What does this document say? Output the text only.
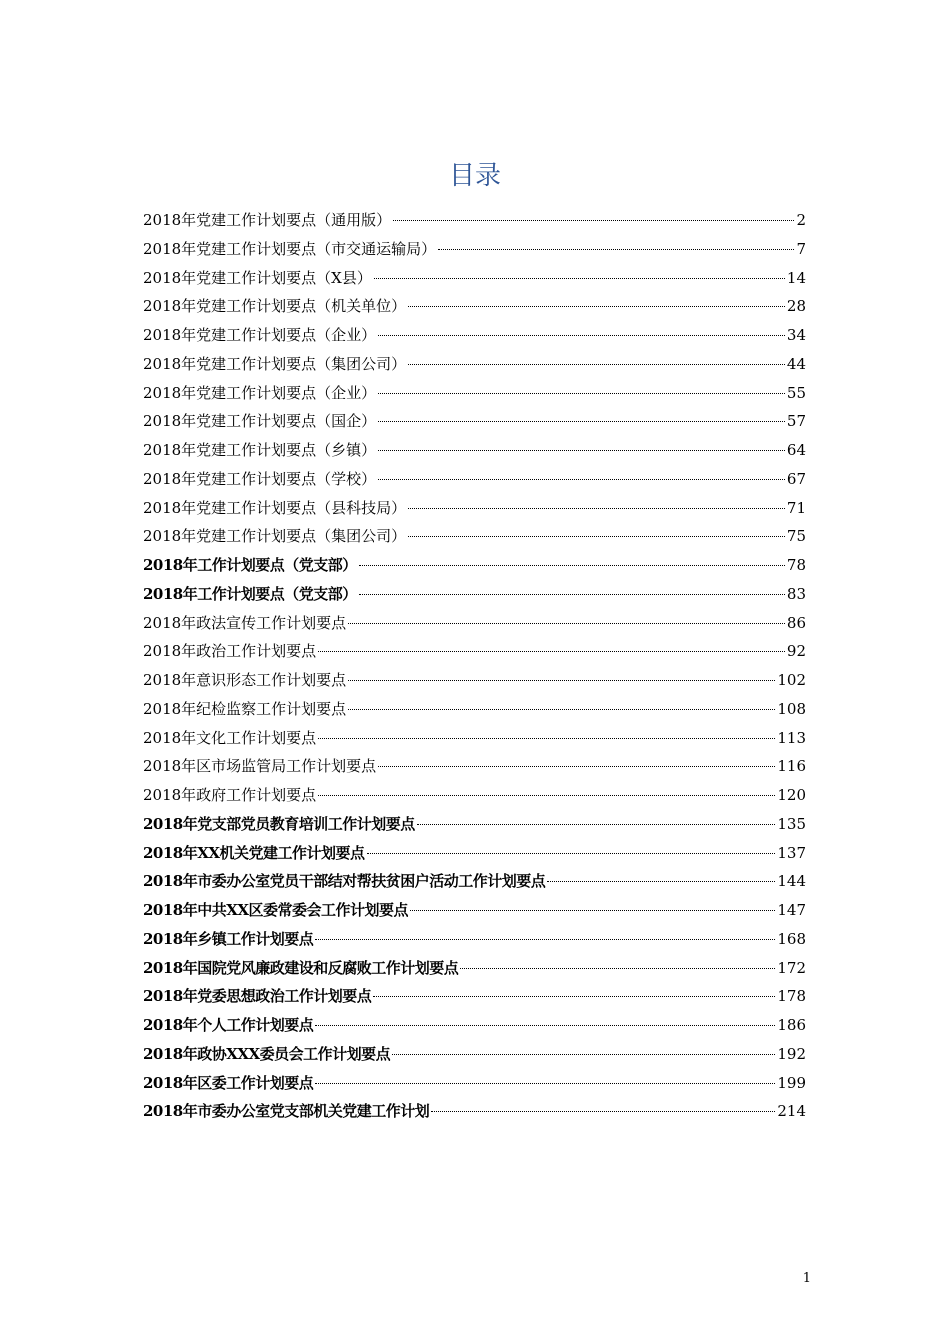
目录
2018年党建工作计划要点（通用版）	2
2018年党建工作计划要点（市交通运输局）	7
2018年党建工作计划要点（X县）	14
2018年党建工作计划要点（机关单位）	28
2018年党建工作计划要点（企业）	34
2018年党建工作计划要点（集团公司）	44
2018年党建工作计划要点（企业）	55
2018年党建工作计划要点（国企）	57
2018年党建工作计划要点（乡镇）	64
2018年党建工作计划要点（学校）	67
2018年党建工作计划要点（县科技局）	71
2018年党建工作计划要点（集团公司）	75
2018年工作计划要点（党支部）	78
2018年工作计划要点（党支部）	83
2018年政法宣传工作计划要点	86
2018年政治工作计划要点	92
2018年意识形态工作计划要点	102
2018年纪检监察工作计划要点	108
2018年文化工作计划要点	113
2018年区市场监管局工作计划要点	116
2018年政府工作计划要点	120
2018年党支部党员教育培训工作计划要点	135
2018年XX机关党建工作计划要点	137
2018年市委办公室党员干部结对帮扶贫困户活动工作计划要点	144
2018年中共XX区委常委会工作计划要点	147
2018年乡镇工作计划要点	168
2018年国院党风廉政建设和反腐败工作计划要点	172
2018年党委思想政治工作计划要点	178
2018年个人工作计划要点	186
2018年政协XXX委员会工作计划要点	192
2018年区委工作计划要点	199
2018年市委办公室党支部机关党建工作计划	214
1
